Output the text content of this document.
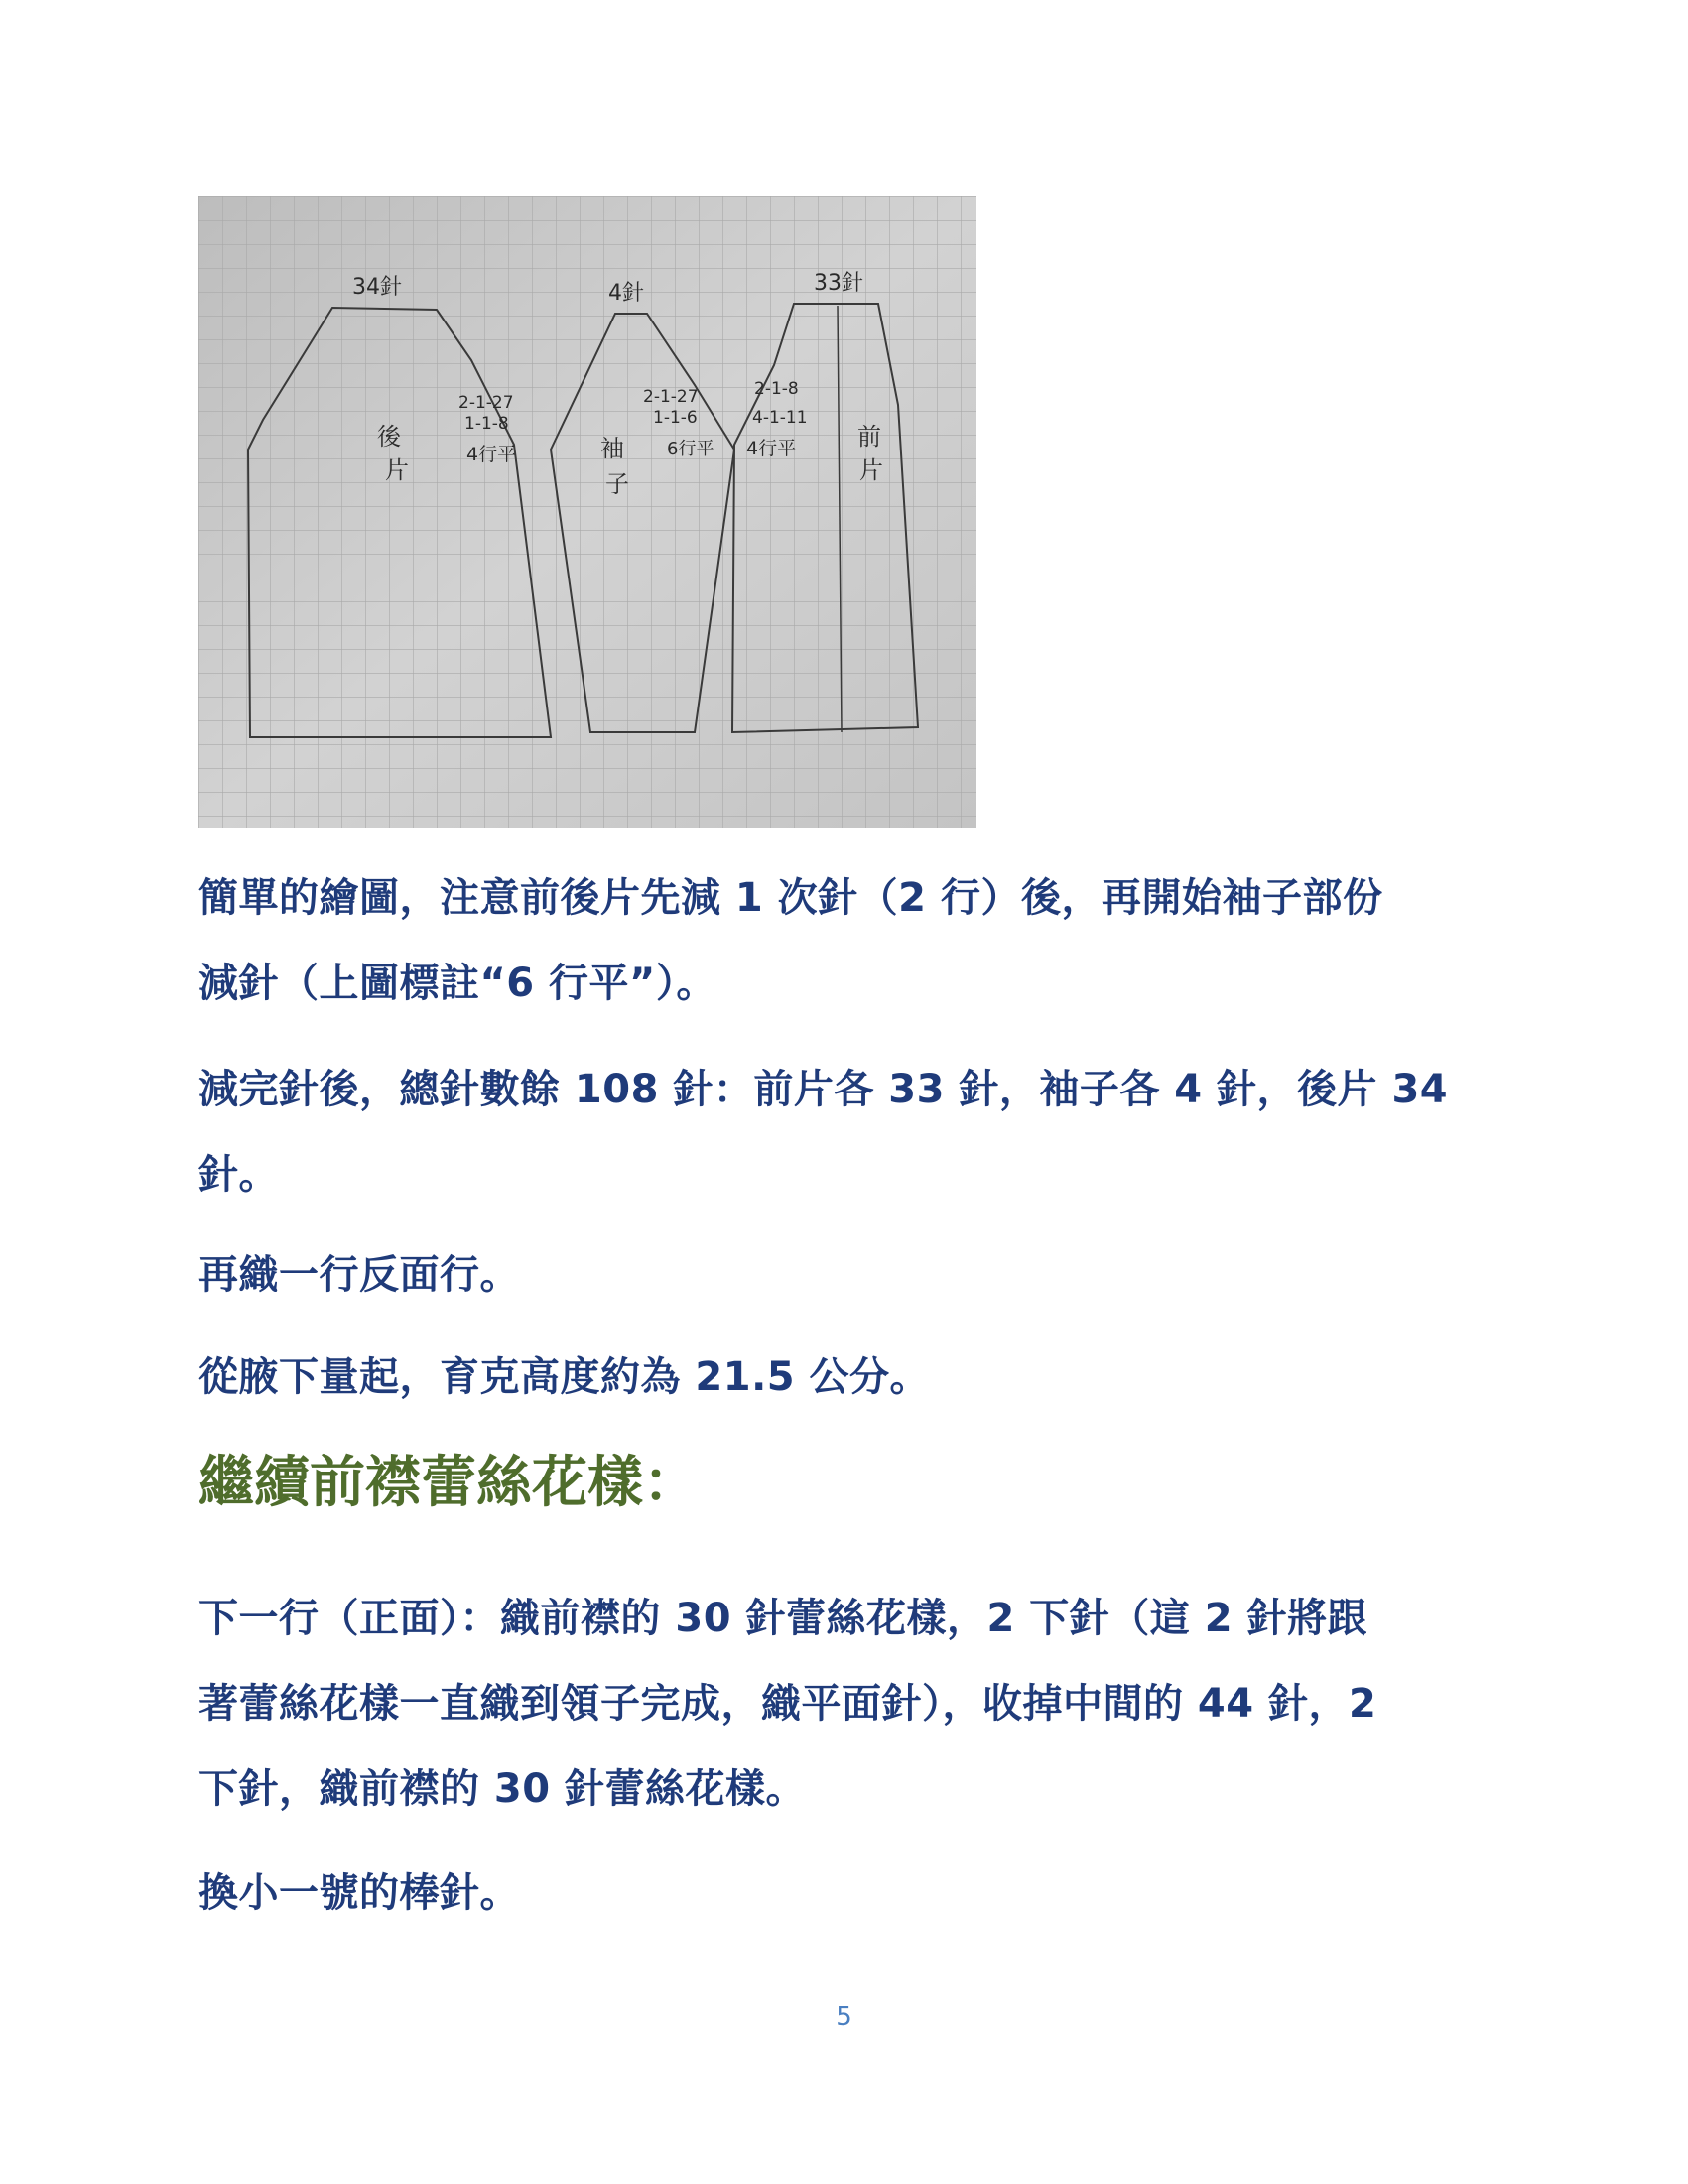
34針	4針	33針
後
片
袖
子
前
片
2-1-27
1-1-8
4行平
2-1-27
1-1-6
6行平
2-1-8
4-1-11
4行平

簡單的繪圖，注意前後片先減 1 次針（2 行）後，再開始袖子部份
減針（上圖標註“6 行平”）。

減完針後，總針數餘 108 針：前片各 33 針，袖子各 4 針，後片 34
針。

再織一行反面行。

從腋下量起，育克高度約為 21.5 公分。

繼續前襟蕾絲花樣：

下一行（正面）：織前襟的 30 針蕾絲花樣，2 下針（這 2 針將跟
著蕾絲花樣一直織到領子完成，織平面針），收掉中間的 44 針，2
下針，織前襟的 30 針蕾絲花樣。

換小一號的棒針。

5
